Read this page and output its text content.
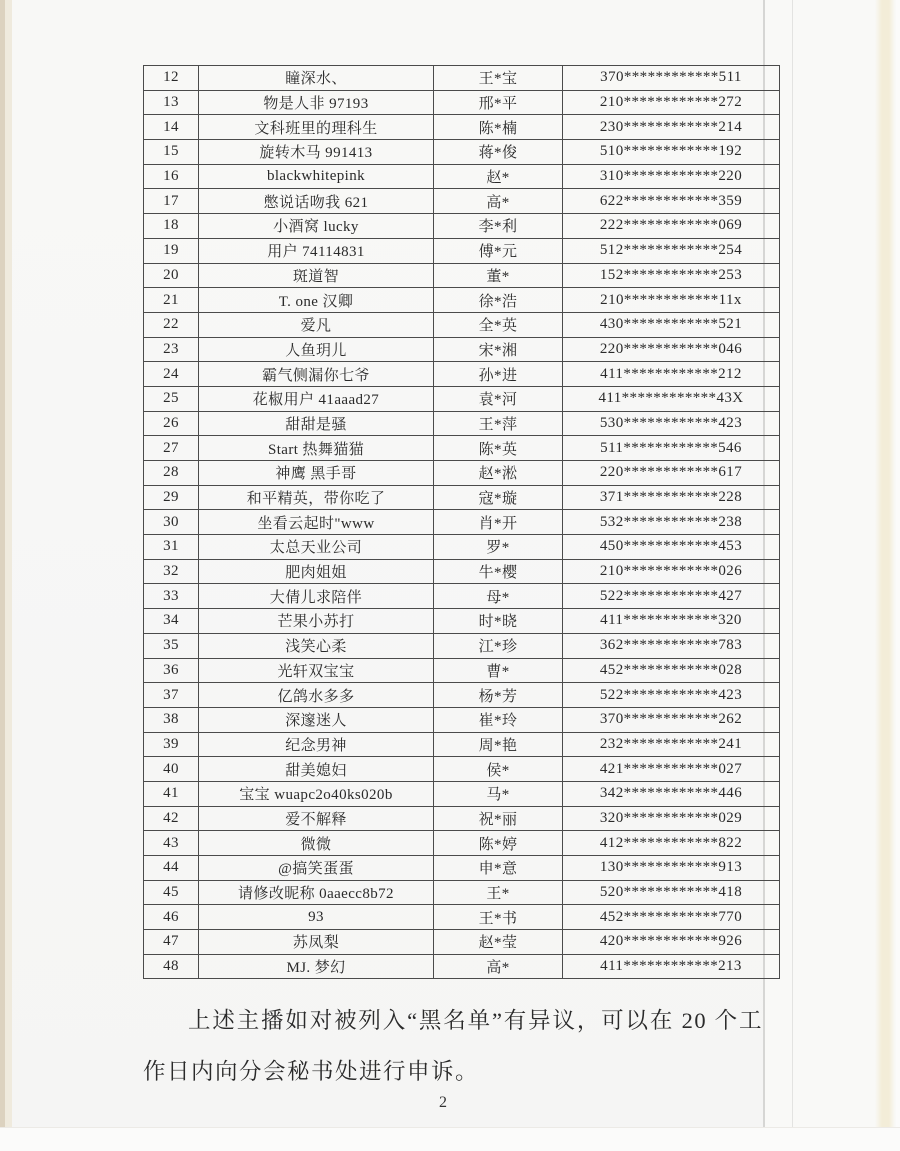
12	瞳深水、	王*宝	370************511
13	物是人非 97193	邢*平	210************272
14	文科班里的理科生	陈*楠	230************214
15	旋转木马 991413	蒋*俊	510************192
16	blackwhitepink	赵*	310************220
17	憋说话吻我 621	高*	622************359
18	小酒窝 lucky	李*利	222************069
19	用户 74114831	傅*元	512************254
20	斑道智	董*	152************253
21	T. one 汉卿	徐*浩	210************11x
22	爱凡	全*英	430************521
23	人鱼玥儿	宋*湘	220************046
24	霸气侧漏你七爷	孙*进	411************212
25	花椒用户 41aaad27	袁*河	411************43X
26	甜甜是骚	王*萍	530************423
27	Start 热舞猫猫	陈*英	511************546
28	神鹰 黑手哥	赵*淞	220************617
29	和平精英，带你吃了	寇*璇	371************228
30	坐看云起时"www	肖*开	532************238
31	太总天业公司	罗*	450************453
32	肥肉姐姐	牛*樱	210************026
33	大倩儿求陪伴	母*	522************427
34	芒果小苏打	时*晓	411************320
35	浅笑心柔	江*珍	362************783
36	光轩双宝宝	曹*	452************028
37	亿鸽水多多	杨*芳	522************423
38	深邃迷人	崔*玲	370************262
39	纪念男神	周*艳	232************241
40	甜美媳妇	侯*	421************027
41	宝宝 wuapc2o40ks020b	马*	342************446
42	爱不解释	祝*丽	320************029
43	微微	陈*婷	412************822
44	@搞笑蛋蛋	申*意	130************913
45	请修改昵称 0aaecc8b72	王*	520************418
46	93	王*书	452************770
47	苏凤梨	赵*莹	420************926
48	MJ. 梦幻	高*	411************213
上述主播如对被列入“黑名单”有异议，可以在 20 个工作日内向分会秘书处进行申诉。
2
